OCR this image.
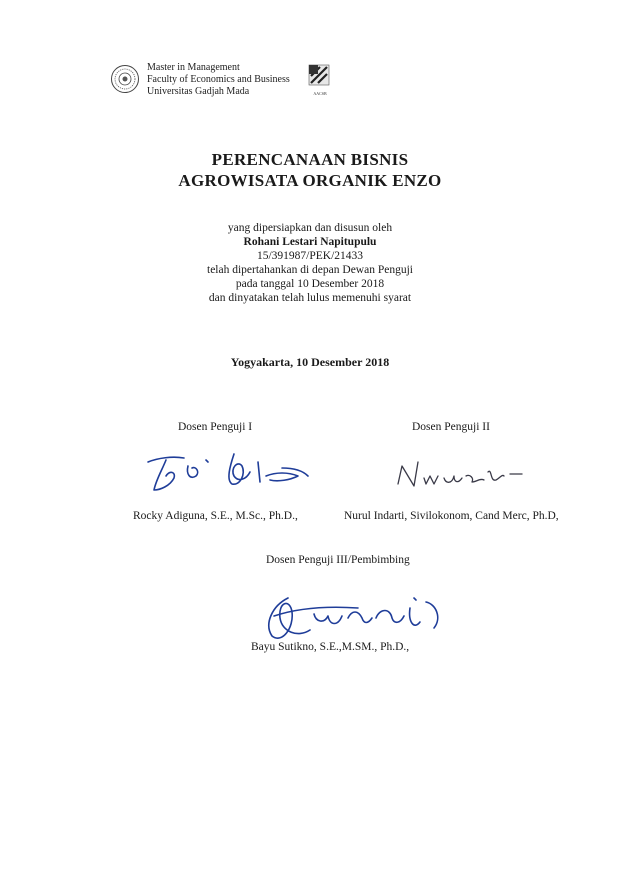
Master in Management
Faculty of Economics and Business
Universitas Gadjah Mada	AACSB
PERENCANAAN BISNIS
AGROWISATA ORGANIK ENZO
yang dipersiapkan dan disusun oleh
Rohani Lestari Napitupulu
15/391987/PEK/21433
telah dipertahankan di depan Dewan Penguji
pada tanggal 10 Desember 2018
dan dinyatakan telah lulus memenuhi syarat
Yogyakarta, 10 Desember 2018
Dosen Penguji I
Rocky Adiguna, S.E., M.Sc., Ph.D.,
Dosen Penguji II
Nurul Indarti, Sivilokonom, Cand Merc, Ph.D,
Dosen Penguji III/Pembimbing
Bayu Sutikno, S.E.,M.SM., Ph.D.,
